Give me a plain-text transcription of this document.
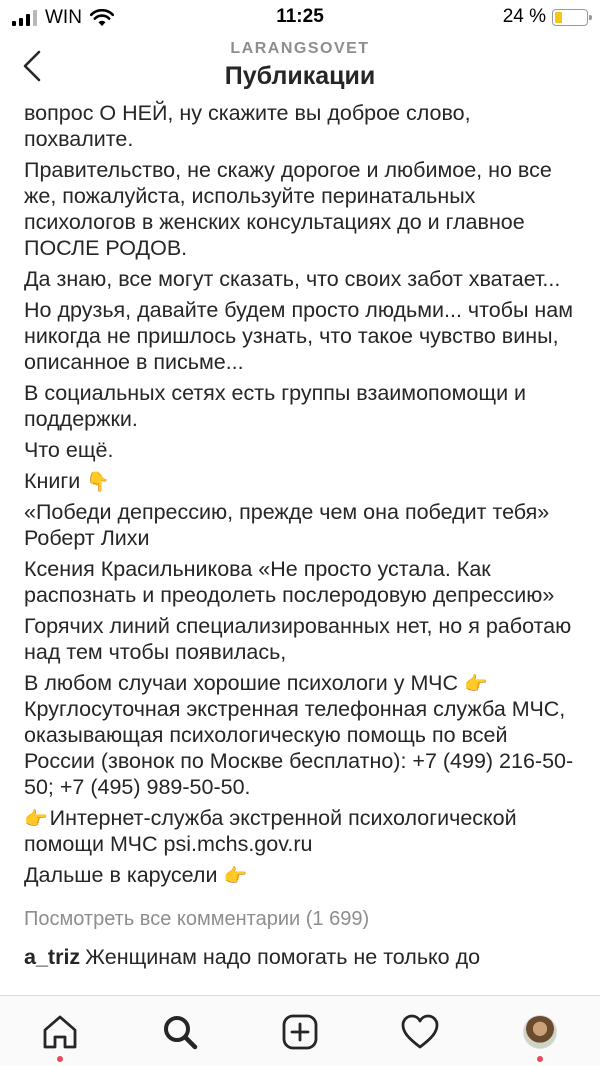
WIN	11:25	24 %
LARANGSOVET
Публикации

вопрос О НЕЙ, ну скажите вы доброе слово, похвалите.

Правительство, не скажу дорогое и любимое, но все же, пожалуйста, используйте перинатальных психологов в женских консультациях до и главное ПОСЛЕ РОДОВ.

Да знаю, все могут сказать, что своих забот хватает...

Но друзья, давайте будем просто людьми... чтобы нам никогда не пришлось узнать, что такое чувство вины, описанное в письме...

В социальных сетях есть группы взаимопомощи и поддержки.

Что ещё.

Книги 👇

«Победи депрессию, прежде чем она победит тебя» Роберт Лихи

Ксения Красильникова «Не просто устала. Как распознать и преодолеть послеродовую депрессию»

Горячих линий специализированных нет, но я работаю над тем чтобы появилась,

В любом случаи хорошие психологи у МЧС 👉

Круглосуточная экстренная телефонная служба МЧС, оказывающая психологическую помощь по всей России (звонок по Москве бесплатно): +7 (499) 216-50-50; +7 (495) 989-50-50.

👉Интернет-служба экстренной психологической помощи МЧС psi.mchs.gov.ru

Дальше в карусели 👉

Посмотреть все комментарии (1 699)
a_triz Женщинам надо помогать не только до
